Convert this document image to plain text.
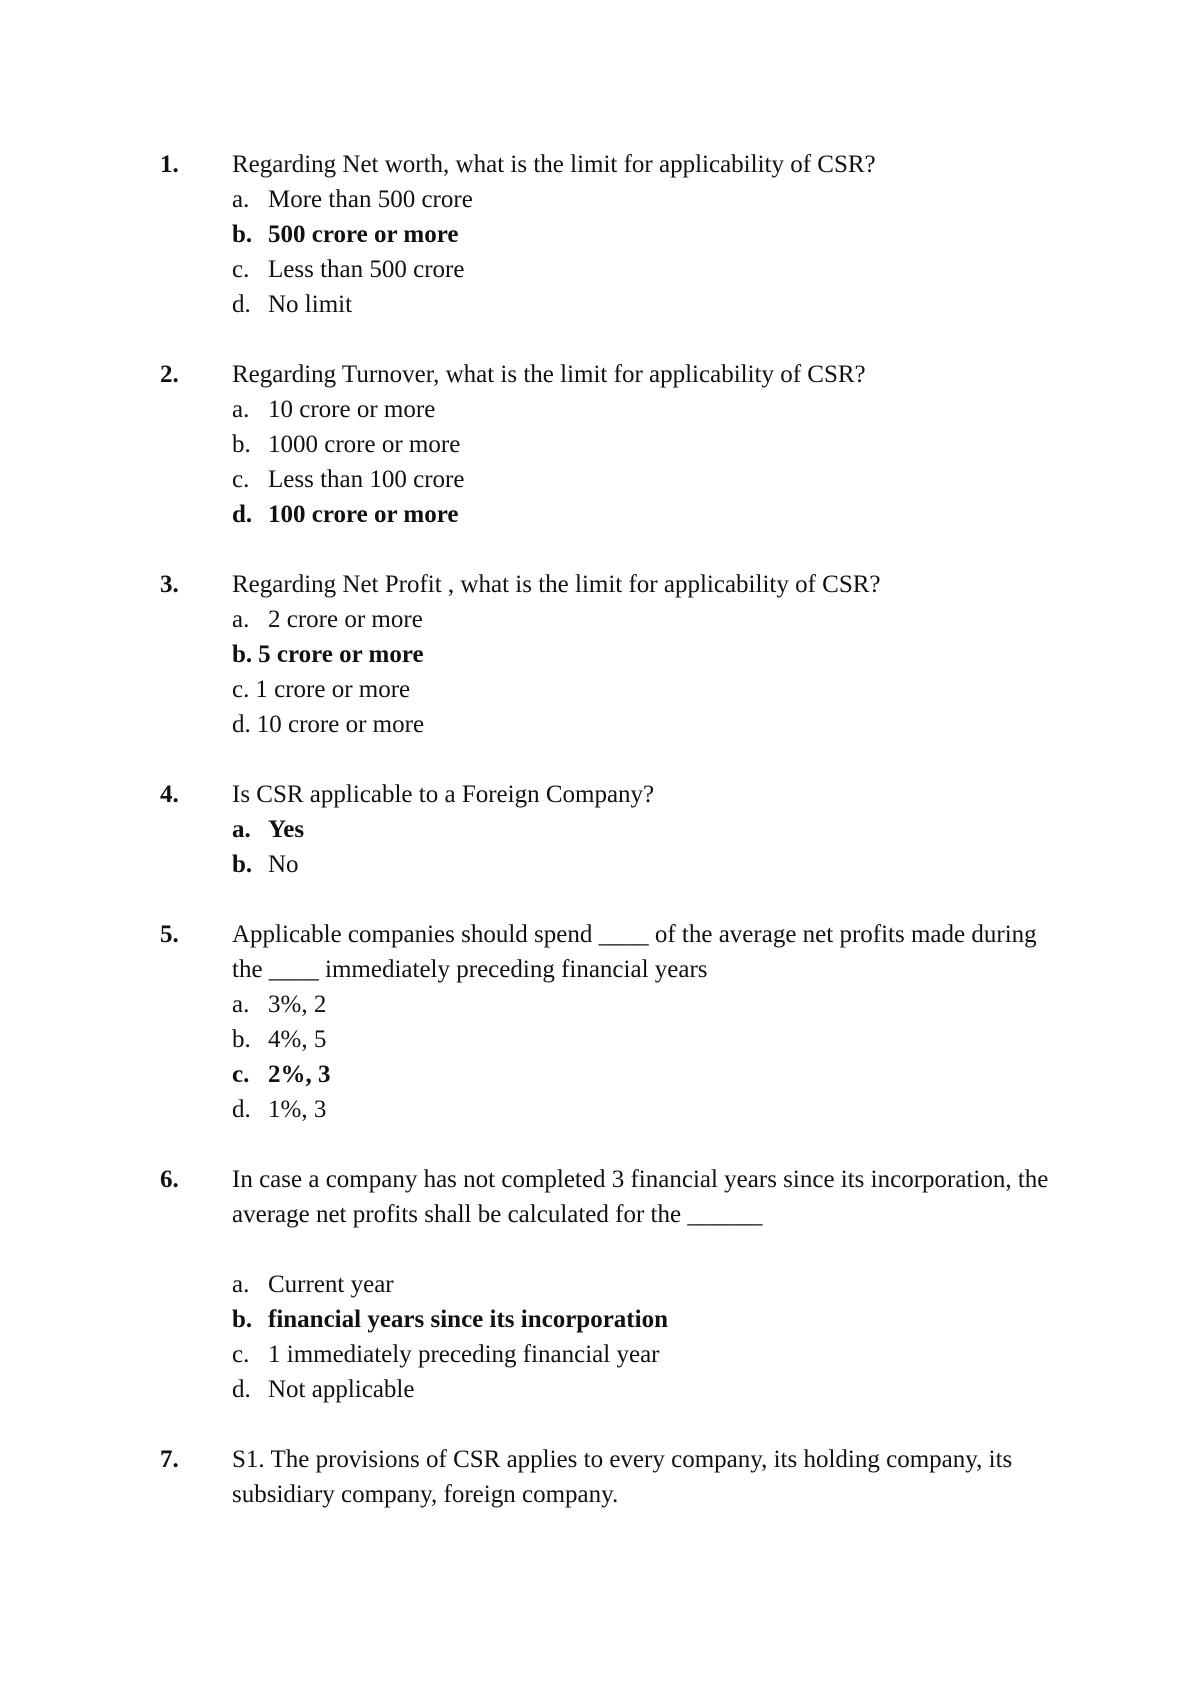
1.	Regarding Net worth, what is the limit for applicability of CSR?
a. More than 500 crore
b. 500 crore or more
c. Less than 500 crore
d. No limit
2.	Regarding Turnover, what is the limit for applicability of CSR?
a. 10 crore or more
b. 1000 crore or more
c. Less than 100 crore
d. 100 crore or more
3.	Regarding Net Profit , what is the limit for applicability of CSR?
a. 2 crore or more
b. 5 crore or more
c. 1 crore or more
d. 10 crore or more
4.	Is CSR applicable to a Foreign Company?
a. Yes
b. No
5.	Applicable companies should spend ____ of the average net profits made during the ____ immediately preceding financial years
a. 3%, 2
b. 4%, 5
c. 2%, 3
d. 1%, 3
6.	In case a company has not completed 3 financial years since its incorporation, the average net profits shall be calculated for the ______
a. Current year
b. financial years since its incorporation
c. 1 immediately preceding financial year
d. Not applicable
7.	S1. The provisions of CSR applies to every company, its holding company, its subsidiary company, foreign company.
